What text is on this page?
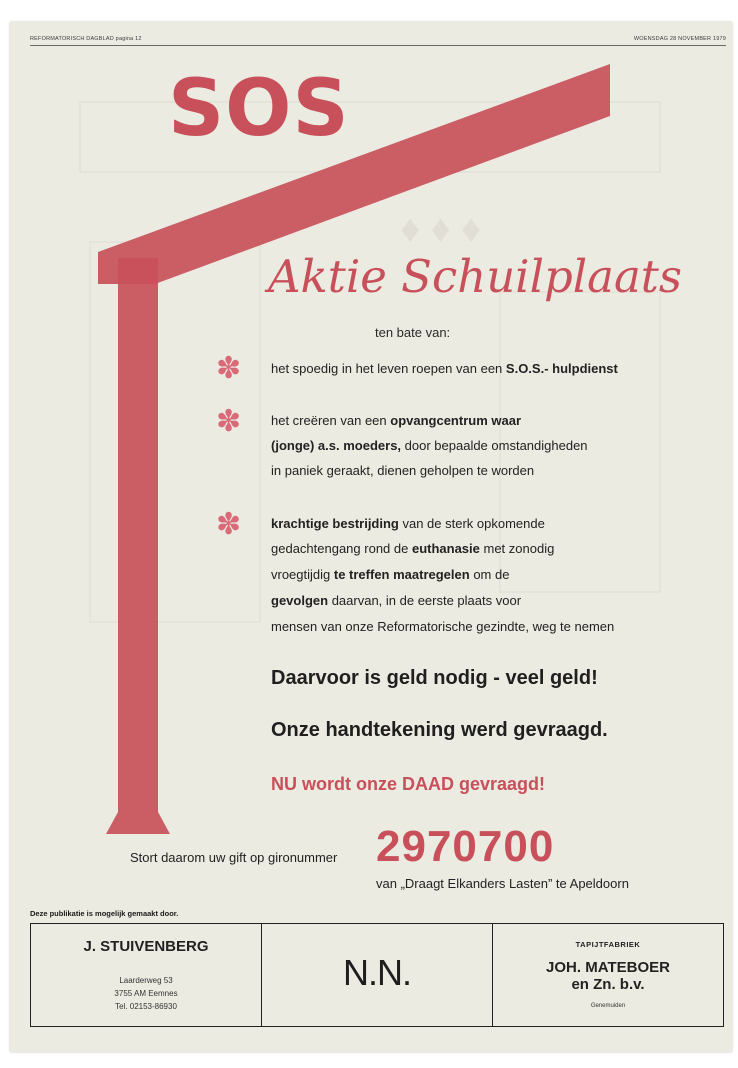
♦ ♦ ♦
REFORMATORISCH DAGBLAD pagina 12	WOENSDAG 28 NOVEMBER 1979
SOS
Aktie Schuilplaats
ten bate van:
✽ het spoedig in het leven roepen van een S.O.S.- hulpdienst
✽ het creëren van een opvangcentrum waar
(jonge) a.s. moeders, door bepaalde omstandigheden
in paniek geraakt, dienen geholpen te worden
✽ krachtige bestrijding van de sterk opkomende
gedachtengang rond de euthanasie met zonodig
vroegtijdig te treffen maatregelen om de
gevolgen daarvan, in de eerste plaats voor
mensen van onze Reformatorische gezindte, weg te nemen
Daarvoor is geld nodig - veel geld!
Onze handtekening werd gevraagd.
NU wordt onze DAAD gevraagd!
Stort daarom uw gift op gironummer 2970700
van „Draagt Elkanders Lasten” te Apeldoorn
Deze publikatie is mogelijk gemaakt door.
J. STUIVENBERG
Laarderweg 53
3755 AM Eemnes
Tel. 02153-86930
N.N.
TAPIJTFABRIEK
JOH. MATEBOER
en Zn. b.v.
Genemuiden
